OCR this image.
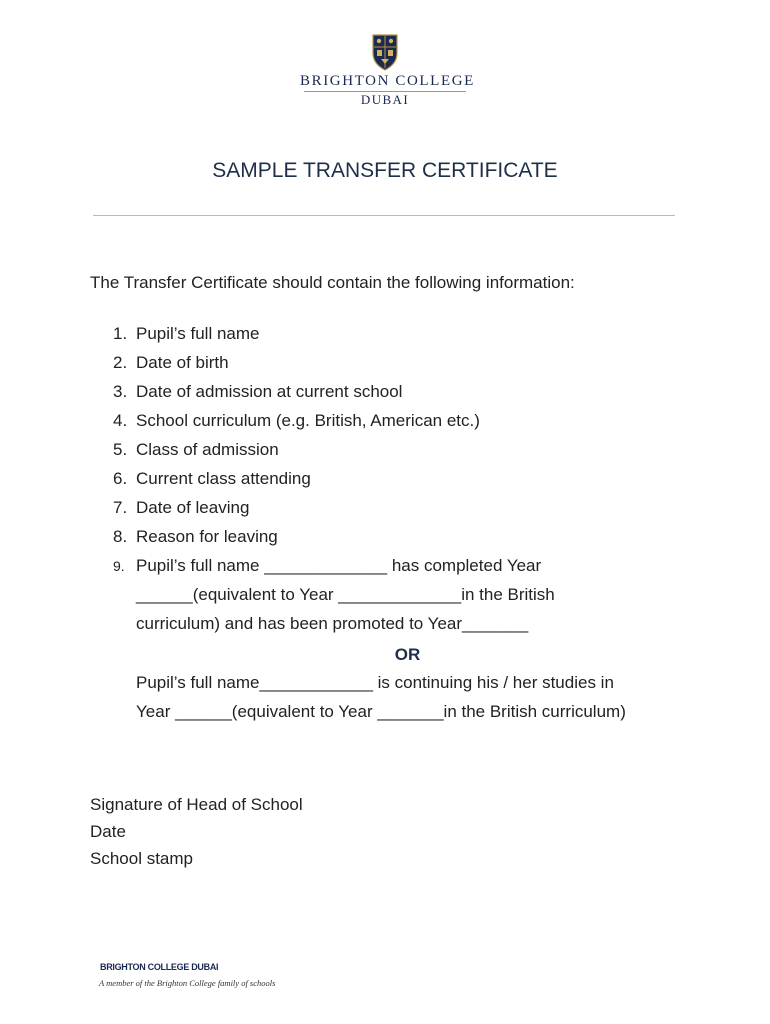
BRIGHTON COLLEGE
DUBAI
SAMPLE TRANSFER CERTIFICATE
The Transfer Certificate should contain the following information:
1. Pupil’s full name
2. Date of birth
3. Date of admission at current school
4. School curriculum (e.g. British, American etc.)
5. Class of admission
6. Current class attending
7. Date of leaving
8. Reason for leaving
9. Pupil’s full name _____________ has completed Year
______(equivalent to Year _____________in the British
curriculum) and has been promoted to Year_______
OR
Pupil’s full name____________ is continuing his / her studies in
Year ______(equivalent to Year _______in the British curriculum)
Signature of Head of School
Date
School stamp
BRIGHTON COLLEGE DUBAI
A member of the Brighton College family of schools
